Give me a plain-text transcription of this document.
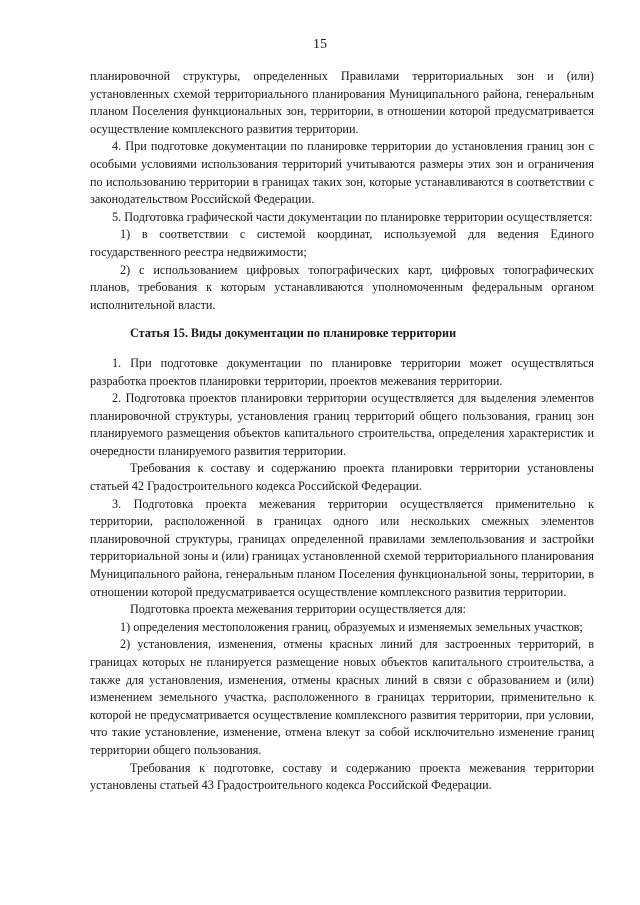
15

планировочной структуры, определенных Правилами территориальных зон и (или) установленных схемой территориального планирования Муниципального района, генеральным планом Поселения функциональных зон, территории, в отношении которой предусматривается осуществление комплексного развития территории.

4. При подготовке документации по планировке территории до установления границ зон с особыми условиями использования территорий учитываются размеры этих зон и ограничения по использованию территории в границах таких зон, которые устанавливаются в соответствии с законодательством Российской Федерации.

5. Подготовка графической части документации по планировке территории осуществляется:

1) в соответствии с системой координат, используемой для ведения Единого государственного реестра недвижимости;

2) с использованием цифровых топографических карт, цифровых топографических планов, требования к которым устанавливаются уполномоченным федеральным органом исполнительной власти.

Статья 15. Виды документации по планировке территории

1. При подготовке документации по планировке территории может осуществляться разработка проектов планировки территории, проектов межевания территории.

2. Подготовка проектов планировки территории осуществляется для выделения элементов планировочной структуры, установления границ территорий общего пользования, границ зон планируемого размещения объектов капитального строительства, определения характеристик и очередности планируемого развития территории.

Требования к составу и содержанию проекта планировки территории установлены статьей 42 Градостроительного кодекса Российской Федерации.

3. Подготовка проекта межевания территории осуществляется применительно к территории, расположенной в границах одного или нескольких смежных элементов планировочной структуры, границах определенной правилами землепользования и застройки территориальной зоны и (или) границах установленной схемой территориального планирования Муниципального района, генеральным планом Поселения функциональной зоны, территории, в отношении которой предусматривается осуществление комплексного развития территории.

Подготовка проекта межевания территории осуществляется для:

1) определения местоположения границ, образуемых и изменяемых земельных участков;

2) установления, изменения, отмены красных линий для застроенных территорий, в границах которых не планируется размещение новых объектов капитального строительства, а также для установления, изменения, отмены красных линий в связи с образованием и (или) изменением земельного участка, расположенного в границах территории, применительно к которой не предусматривается осуществление комплексного развития территории, при условии, что такие установление, изменение, отмена влекут за собой исключительно изменение границ территории общего пользования.

Требования к подготовке, составу и содержанию проекта межевания территории установлены статьей 43 Градостроительного кодекса Российской Федерации.
